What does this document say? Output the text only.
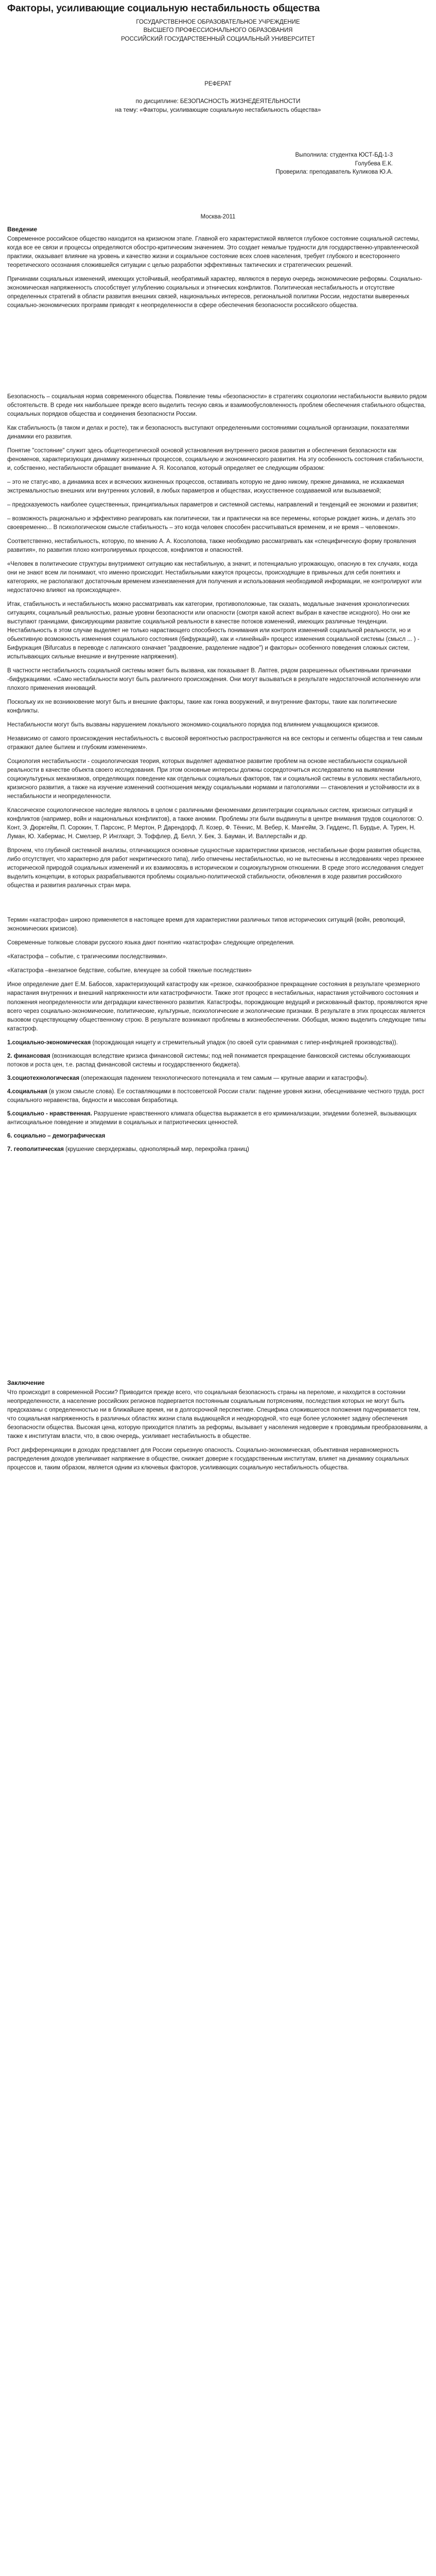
Факторы, усиливающие социальную нестабильность общества

ГОСУДАРСТВЕННОЕ ОБРАЗОВАТЕЛЬНОЕ УЧРЕЖДЕНИЕ

ВЫСШЕГО ПРОФЕССИОНАЛЬНОГО ОБРАЗОВАНИЯ

РОССИЙСКИЙ ГОСУДАРСТВЕННЫЙ СОЦИАЛЬНЫЙ УНИВЕРСИТЕТ

РЕФЕРАТ

по дисциплине: БЕЗОПАСНОСТЬ ЖИЗНЕДЕЯТЕЛЬНОСТИ

на тему: «Факторы, усиливающие социальную нестабильность общества»

Выполнила: студентка ЮСТ-БД-1-3

Голубева Е.К.

Проверила: преподаватель Куликова Ю.А.

Москва-2011

Введение

Современное российское общество находится на кризисном этапе. Главной его характеристикой является глубокое состояние социальной системы, когда все ее связи и процессы определяются обостро-критическим значением. Это создает немалые трудности для государственно-управленческой практики, оказывает влияние на уровень и качество жизни и социальное состояние всех слоев населения, требует глубокого и всестороннего теоретического осознания сложившейся ситуации с целью разработки эффективных тактических и стратегических решений.

Причинами социальных изменений, имеющих устойчивый, необратимый характер, являются в первую очередь экономические реформы. Социально-экономическая напряженность способствует углублению социальных и этнических конфликтов. Политическая нестабильность и отсутствие определенных стратегий в области развития внешних связей, национальных интересов, региональной политики России, недостатки выверенных социально-экономических программ приводят к неопределенности в сфере обеспечения безопасности российского общества.

Безопасность – социальная норма современного общества. Появление темы «безопасности» в стратегиях социологии нестабильности выявило рядом обстоятельств. В среде них наибольшее прежде всего выделить тесную связь и взаимообусловленность проблем обеспечения стабильного общества, социальных порядков общества и соединения безопасности России.

Как стабильность (в таком и делах и росте), так и безопасность выступают определенными состояниями социальной организации, показателями динамики его развития.

Понятие "состояние" служит здесь общетеоретической основой установления внутреннего рисков развития и обеспечения безопасности как феноменов, характеризующих динамику жизненных процессов, социальную и экономического развития. На эту особенность состояния стабильности, и, собственно, нестабильности обращает внимание А. Я. Косолапов, который определяет ее следующим образом:

– это не статус-кво, а динамика всех и всяческих жизненных процессов, оставивать которую не даню никому, прежне динамика, не искажаемая экстремальностью внешних или внутренних условий, в любых параметров и обществах, искусственное создаваемой или вызываемой;

– предсказуемость наиболее существенных, принципиальных параметров и системной системы, направлений и тенденций ее экономии и развития;

– возможность рационально и эффективно реагировать как политически, так и практически на все перемены, которые рождает жизнь, и делать это своевременно... В психологическом смысле стабильность – это когда человек способен рассчитываться временем, и не время – человеком».

Соответственно, нестабильность, которую, по мнению А. А. Косолопова, также необходимо рассматривать как «специфическую форму проявления развития», по развития плохо контролируемых процессов, конфликтов и опасностей.

«Человек в политические структуры внутриимеют ситуацию как нестабильную, а значит, и потенциально угрожающую, опасную в тех случаях, когда они не знают всем ли понимают, что именно происходит. Нестабильными кажутся процессы, происходящие в привычных для себя понятиях и категориях, не располагают достаточным временем изнеизменения для получения и использования необходимой информации, не контролируют или недостаточно влияют на происходящее».

Итак, стабильность и нестабильность можно рассматривать как категории, противоположные, так сказать, модальные значения хронологических ситуациях, социальный реальностью, разные уровни безопасности или опасности (смотря какой аспект выбран в качестве исходного). Но они же выступают границами, фиксирующими развитие социальной реальности в качестве потоков изменений, имеющих различные тенденции. Нестабильность в этом случае выделяет не только нарастающего способность понимания или контроля изменений социальной реальности, но и обьективную возможность изменения социального состояния (бифуркаций), как и «линейный» процесс изменения социальной системы (смысл ... ) - Бифуркация (Bifurcatus в переводе с латинского означает "раздвоение, разделение надвое") и факторы» особенного поведения сложных систем, испытывающих сильные внешние и внутренние напряжения).

В частности нестабильность социальной системы может быть вызвана, как показывает В. Лаптев, рядом разрешенных объективными причинами -бифуркациями. «Само нестабильности могут быть различного происхождения. Они могут вызываться в результате недостаточной исполненную или плохого применения инноваций.

Поскольку их не возникновение могут быть и внешние факторы, такие как гонка вооружений, и внутренние факторы, такие как политические конфликты.

Нестабильности могут быть вызваны нарушением локального экономико-социального порядка под влиянием учащающихся кризисов.

Независимо от самого происхождения нестабильность с высокой вероятностью распространяются на все секторы и сегменты общества и тем самым отражают далее бытием и глубоким изменением».

Социология нестабильности - социологическая теория, которых выделяет адекватное развитие проблем на основе нестабильности социальной реальности в качестве объекта своего исследования. При этом основные интересы должны сосредоточиться исследователю на выявлении социокультурных механизмов, определяющих поведение как отдельных социальных факторов, так и социальной системы в условиях нестабильного, кризисного развития, а также на изучение изменений соотношения между социальными нормами и патологиями — становления и устойчивости их в нестабильности и неопределенности.

Классическое социологическое наследие являлось в целом с различными феноменами дезинтеграции социальных систем, кризисных ситуаций и конфликтов (например, войн и национальных конфликтов), а также аномии. Проблемы эти были выдвинуты в центре внимания трудов социологов: О. Конт, Э. Дюркгейм, П. Сорокин, Т. Парсонс, Р. Мертон, Р. Дарендорф, Л. Козер, Ф. Тённис, М. Вебер, К. Мангейм, Э. Гидденс, П. Бурдье, А. Турен, Н. Луман, Ю. Хабермас, Н. Смелзер, Р. Инглхарт, Э. Тоффлер, Д. Белл, У. Бек, З. Бауман, И. Валлерстайн и др.

Впрочем, что глубиной системной анализы, отличающихся основные сущностные характеристики кризисов, нестабильные форм развития общества, либо отсутствует, что характерно для работ некритического типа), либо отмечены нестабильностью, но не вытеснены в исследованиях через прежнее исторической природой социальных изменений и их взаимосвязь в историческом и социокультурном отношении. В среде этого исследования следует выделить концепции, в которых разрабатываются проблемы социально-политической стабильности, обновления в ходе развития российского общества и развития различных стран мира.

Термин «катастрофа» широко применяется в настоящее время для характеристики различных типов исторических ситуаций (войн, революций, экономических кризисов).

Современные толковые словари русского языка дают понятию «катастрофа» следующие определения.

«Катастрофа – событие, с трагическими последствиями».

«Катастрофа –внезапное бедствие, событие, влекущее за собой тяжелые последствия»

Иное определение дает Е.М. Бабосов, характеризующий катастрофу как «резкое, скачкообразное прекращение состояния в результате чрезмерного нарастания внутренних и внешний напряженности или катастрофичности. Также этот процесс в нестабильных, нарастания устойчивого состояния и положения неопределенности или деградации качественного развития. Катастрофы, порождающие ведущий и рискованный фактор, проявляются ярче всего через социально-экономические, политические, культурные, психологические и экологические признаки. В результате в этих процессах является вызовом существующему общественному строю. В результате возникают проблемы в жизнеобеспечении. Обобщая, можно выделить следующие типы катастроф.

1.социально-экономическая (порождающая нищету и стремительный упадок (по своей сути сравнимая с гипер-инфляцией производства)).
2. финансовая (возникающая вследствие кризиса финансовой системы; под ней понимается прекращение банковской системы обслуживающих потоков и роста цен, т.е. распад финансовой системы и государственного бюджета).
3.социотехнологическая (опережающая падением технологического потенциала и тем самым — крупные аварии и катастрофы).
4.социальная (в узком смысле слова). Ее составляющими в постсоветской России стали: падение уровня жизни, обесценивание честного труда, рост социального неравенства, бедности и массовая безработица.
5.социально - нравственная. Разрушение нравственного климата общества выражается в его криминализации, эпидемии болезней, вызывающих антисоциальное поведение и эпидемии в социальных и патриотических ценностей.
6. социально – демографическая
7. геополитическая (крушение сверхдержавы, однополярный мир, перекройка границ)
Заключение

Что происходит в современной России? Приводится прежде всего, что социальная безопасность страны на переломе, и находится в состоянии неопределенности, а население российских регионов подвергается постоянным социальным потрясениям, последствия которых не могут быть предсказаны с определенностью ни в ближайшее время, ни в долгосрочной перспективе. Специфика сложившегося положения подчеркивается тем, что социальная напряженность в различных областях жизни стала выдающейся и неоднородной, что еще более усложняет задачу обеспечения безопасности общества. Высокая цена, которую приходится платить за реформы, вызывает у населения недоверие к проводимым преобразованиям, а также к институтам власти, что, в свою очередь, усиливает нестабильность в обществе.

Рост дифференциации в доходах представляет для России серьезную опасность. Социально-экономическая, объективная неравномерность распределения доходов увеличивает напряжение в обществе, снижает доверие к государственным институтам, влияет на динамику социальных процессов и, таким образом, является одним из ключевых факторов, усиливающих социальную нестабильность общества.
